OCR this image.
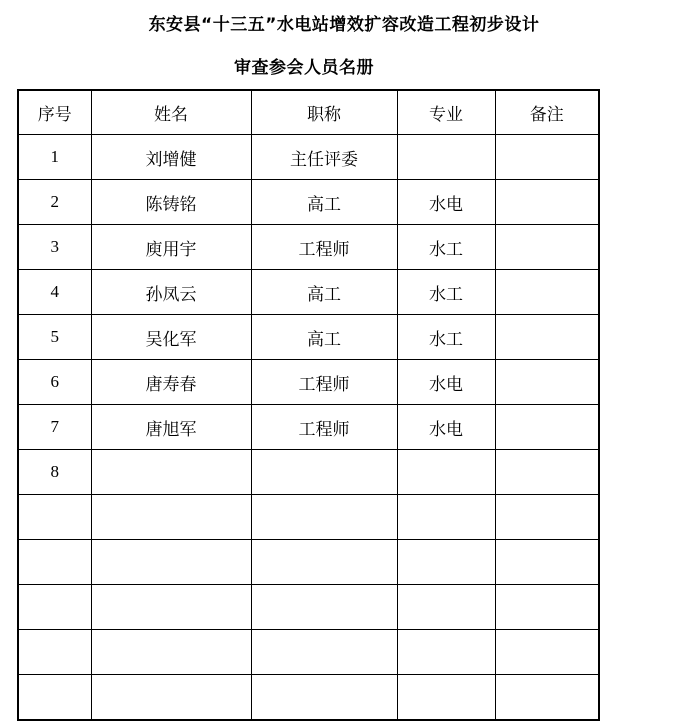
东安县“十三五”水电站增效扩容改造工程初步设计
审查参会人员名册
序号	姓名	职称	专业	备注
1	刘增健	主任评委		
2	陈铸铭	高工	水电	
3	庾用宇	工程师	水工	
4	孙凤云	高工	水工	
5	吴化军	高工	水工	
6	唐寿春	工程师	水电	
7	唐旭军	工程师	水电	
8				
